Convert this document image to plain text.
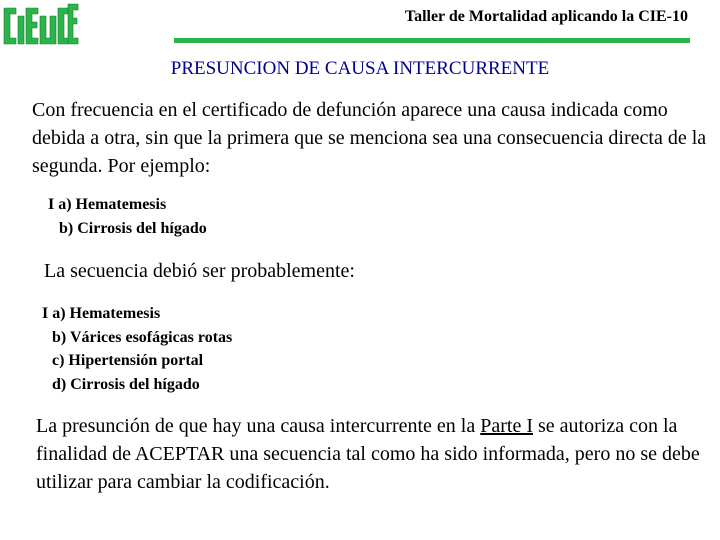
Taller de Mortalidad aplicando la CIE-10
PRESUNCION DE CAUSA INTERCURRENTE
Con frecuencia en el certificado de defunción aparece una causa indicada como debida a otra, sin que la primera que se menciona sea una consecuencia directa de la segunda. Por ejemplo:
I a) Hematemesis
b) Cirrosis del hígado
La secuencia debió ser probablemente:
I a) Hematemesis
b) Várices esofágicas rotas
c) Hipertensión portal
d) Cirrosis del hígado
La presunción de que hay una causa intercurrente en la Parte I se autoriza con la finalidad de ACEPTAR una secuencia tal como ha sido informada, pero no se debe utilizar para cambiar la codificación.
